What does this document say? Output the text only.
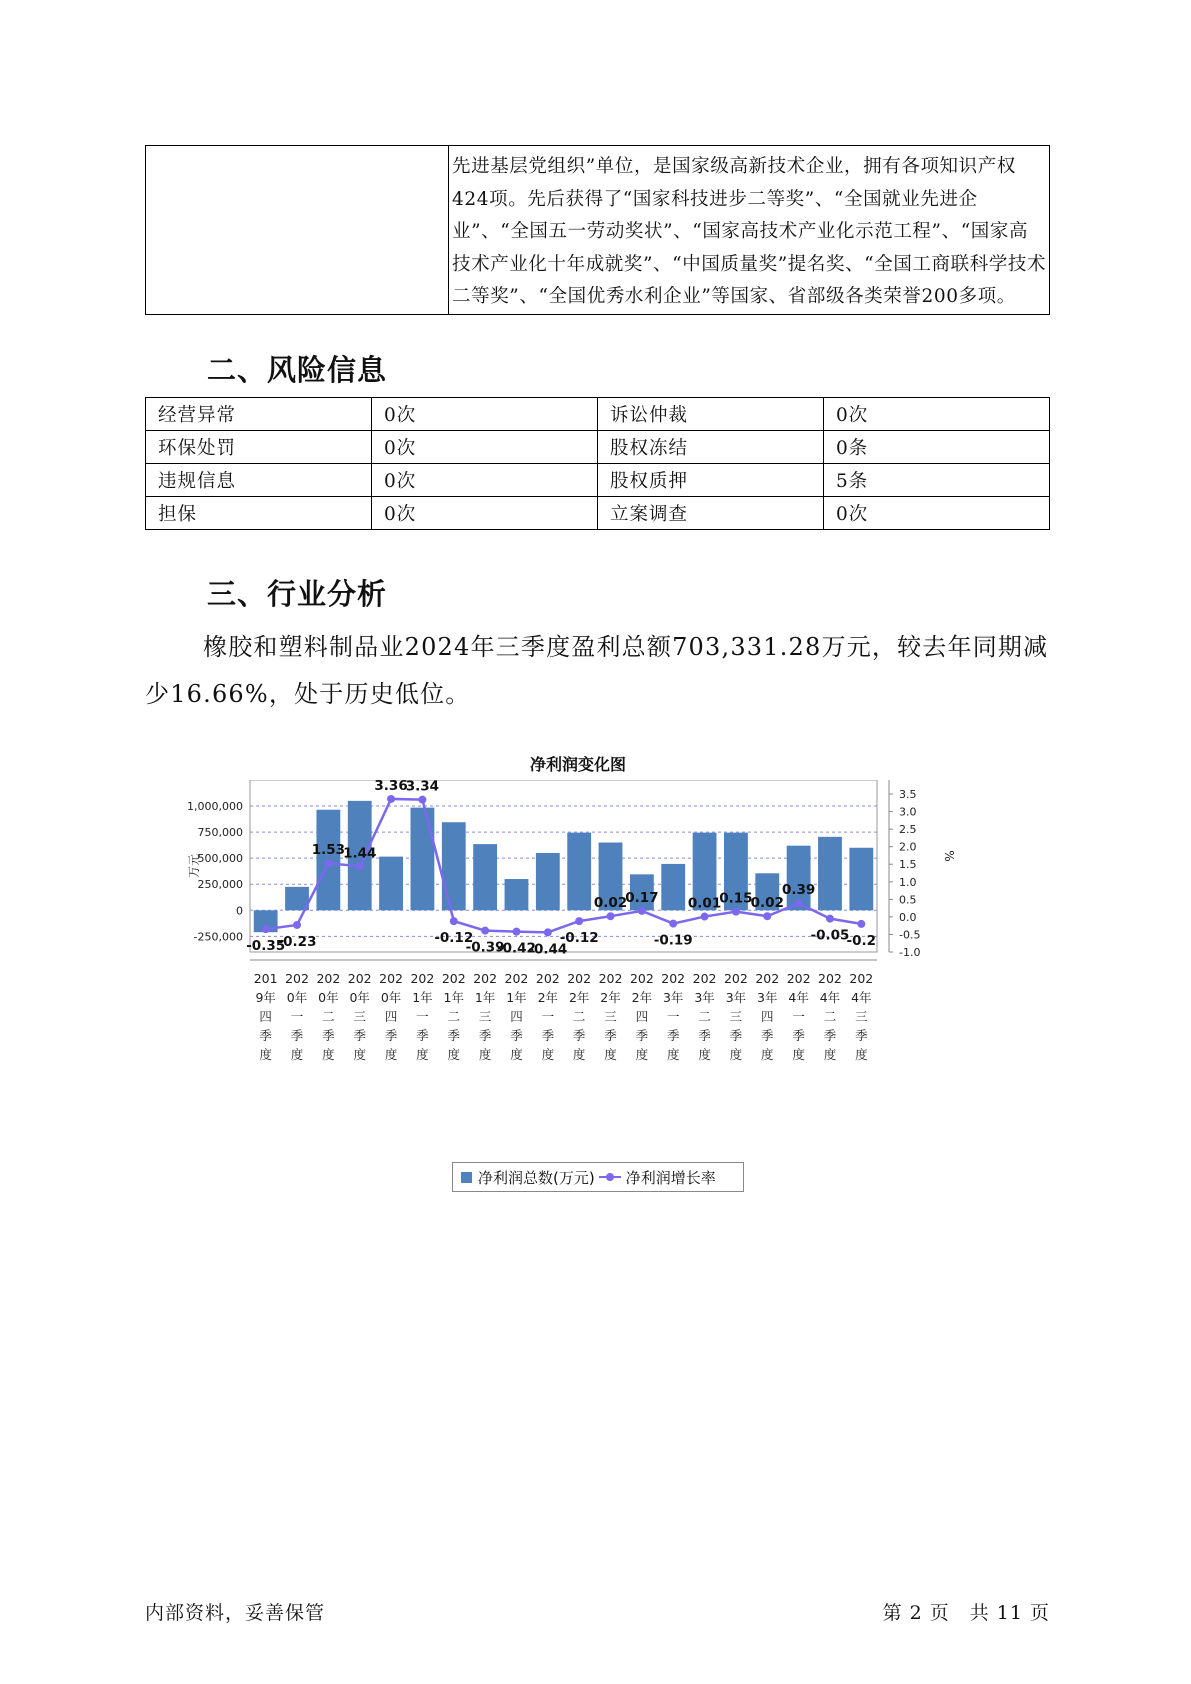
	先进基层党组织”单位，是国家级高新技术企业，拥有各项知识产权424项。先后获得了“国家科技进步二等奖”、“全国就业先进企业”、“全国五一劳动奖状”、“国家高技术产业化示范工程”、“国家高技术产业化十年成就奖”、“中国质量奖”提名奖、“全国工商联科学技术二等奖”、“全国优秀水利企业”等国家、省部级各类荣誉200多项。
二、风险信息
经营异常	0次	诉讼仲裁	0次
环保处罚	0次	股权冻结	0条
违规信息	0次	股权质押	5条
担保	0次	立案调查	0次
三、行业分析
橡胶和塑料制品业2024年三季度盈利总额703,331.28万元，较去年同期减少16.66%，处于历史低位。
净利润变化图
-250,000
0
250,000
500,000
750,000
1,000,000
-1.0
-0.5
0.0
0.5
1.0
1.5
2.0
2.5
3.0
3.5
万元	%
201
9年
四
季
度
202
0年
一
季
度
202
0年
二
季
度
202
0年
三
季
度
202
0年
四
季
度
202
1年
一
季
度
202
1年
二
季
度
202
1年
三
季
度
202
1年
四
季
度
202
2年
一
季
度
202
2年
二
季
度
202
2年
三
季
度
202
2年
四
季
度
202
3年
一
季
度
202
3年
二
季
度
202
3年
三
季
度
202
3年
四
季
度
202
4年
一
季
度
202
4年
二
季
度
202
4年
三
季
度
-0.35
-0.23
1.53
1.44
3.36
3.34
-0.12
-0.39
-0.42
-0.44
-0.12
0.02
0.17
-0.19
0.01
0.15
0.02
0.39
-0.05
-0.2
净利润总数(万元) 净利润增长率
内部资料，妥善保管	第 2 页　共 11 页
